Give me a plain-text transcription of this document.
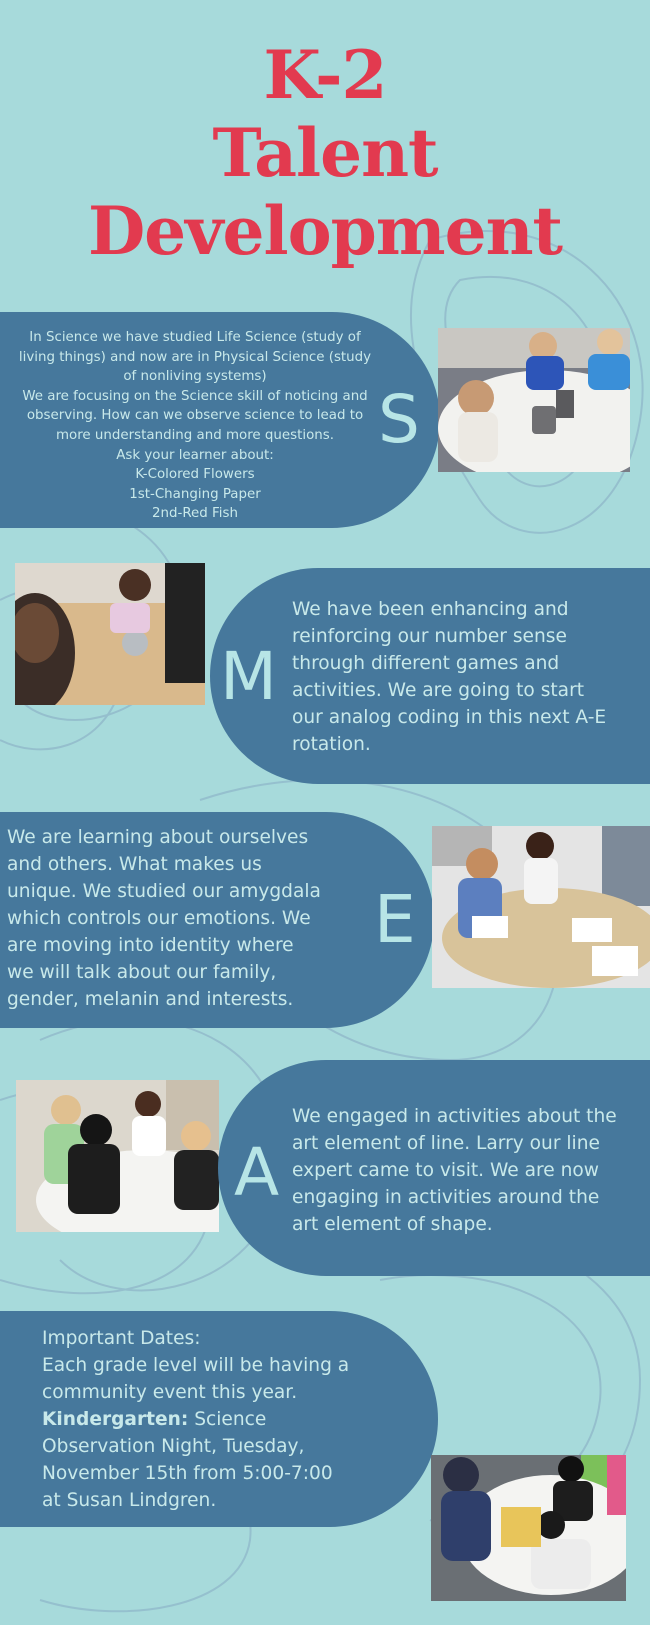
K-2
Talent
Development
In Science we have studied Life Science (study of
living things) and now are in Physical Science (study
of nonliving systems)
We are focusing on the Science skill of noticing and
observing. How can we observe science to lead to
more understanding and more questions.
Ask your learner about:
K-Colored Flowers
1st-Changing Paper
2nd-Red Fish
S
M
We have been enhancing and
reinforcing our number sense
through different games and
activities. We are going to start
our analog coding in this next A-E
rotation.
We are learning about ourselves
and others. What makes us
unique. We studied our amygdala
which controls our emotions. We
are moving into identity where
we will talk about our family,
gender, melanin and interests.
E
A
We engaged in activities about the
art element of line. Larry our line
expert came to visit. We are now
engaging in activities around the
art element of shape.
Important Dates:
Each grade level will be having a
community event this year.
Kindergarten: Science
Observation Night, Tuesday,
November 15th from 5:00-7:00
at Susan Lindgren.
